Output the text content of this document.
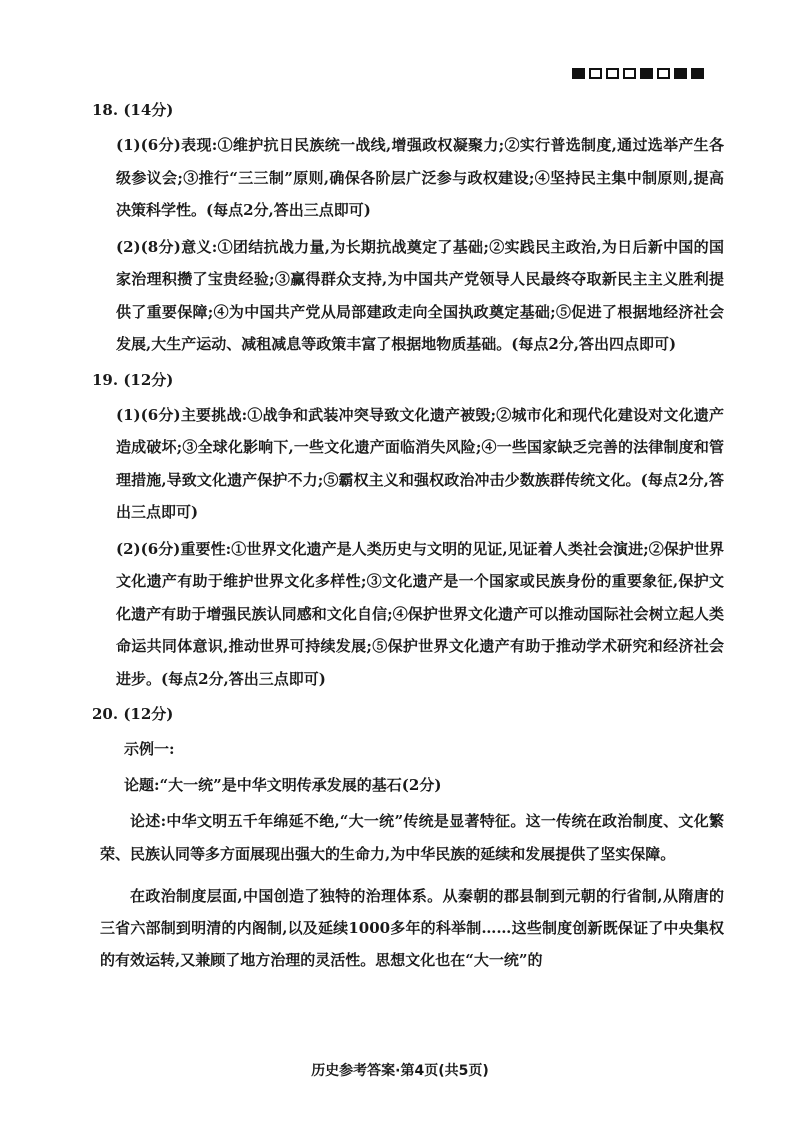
18. (14分)

(1)(6分)表现:①维护抗日民族统一战线,增强政权凝聚力;②实行普选制度,通过选举产生各级参议会;③推行“三三制”原则,确保各阶层广泛参与政权建设;④坚持民主集中制原则,提高决策科学性。(每点2分,答出三点即可)

(2)(8分)意义:①团结抗战力量,为长期抗战奠定了基础;②实践民主政治,为日后新中国的国家治理积攒了宝贵经验;③赢得群众支持,为中国共产党领导人民最终夺取新民主主义胜利提供了重要保障;④为中国共产党从局部建政走向全国执政奠定基础;⑤促进了根据地经济社会发展,大生产运动、减租减息等政策丰富了根据地物质基础。(每点2分,答出四点即可)

19. (12分)

(1)(6分)主要挑战:①战争和武装冲突导致文化遗产被毁;②城市化和现代化建设对文化遗产造成破坏;③全球化影响下,一些文化遗产面临消失风险;④一些国家缺乏完善的法律制度和管理措施,导致文化遗产保护不力;⑤霸权主义和强权政治冲击少数族群传统文化。(每点2分,答出三点即可)

(2)(6分)重要性:①世界文化遗产是人类历史与文明的见证,见证着人类社会演进;②保护世界文化遗产有助于维护世界文化多样性;③文化遗产是一个国家或民族身份的重要象征,保护文化遗产有助于增强民族认同感和文化自信;④保护世界文化遗产可以推动国际社会树立起人类命运共同体意识,推动世界可持续发展;⑤保护世界文化遗产有助于推动学术研究和经济社会进步。(每点2分,答出三点即可)

20. (12分)

示例一:

论题:“大一统”是中华文明传承发展的基石(2分)

论述:中华文明五千年绵延不绝,“大一统”传统是显著特征。这一传统在政治制度、文化繁荣、民族认同等多方面展现出强大的生命力,为中华民族的延续和发展提供了坚实保障。

在政治制度层面,中国创造了独特的治理体系。从秦朝的郡县制到元朝的行省制,从隋唐的三省六部制到明清的内阁制,以及延续1000多年的科举制……这些制度创新既保证了中央集权的有效运转,又兼顾了地方治理的灵活性。思想文化也在“大一统”的

历史参考答案·第4页(共5页)
